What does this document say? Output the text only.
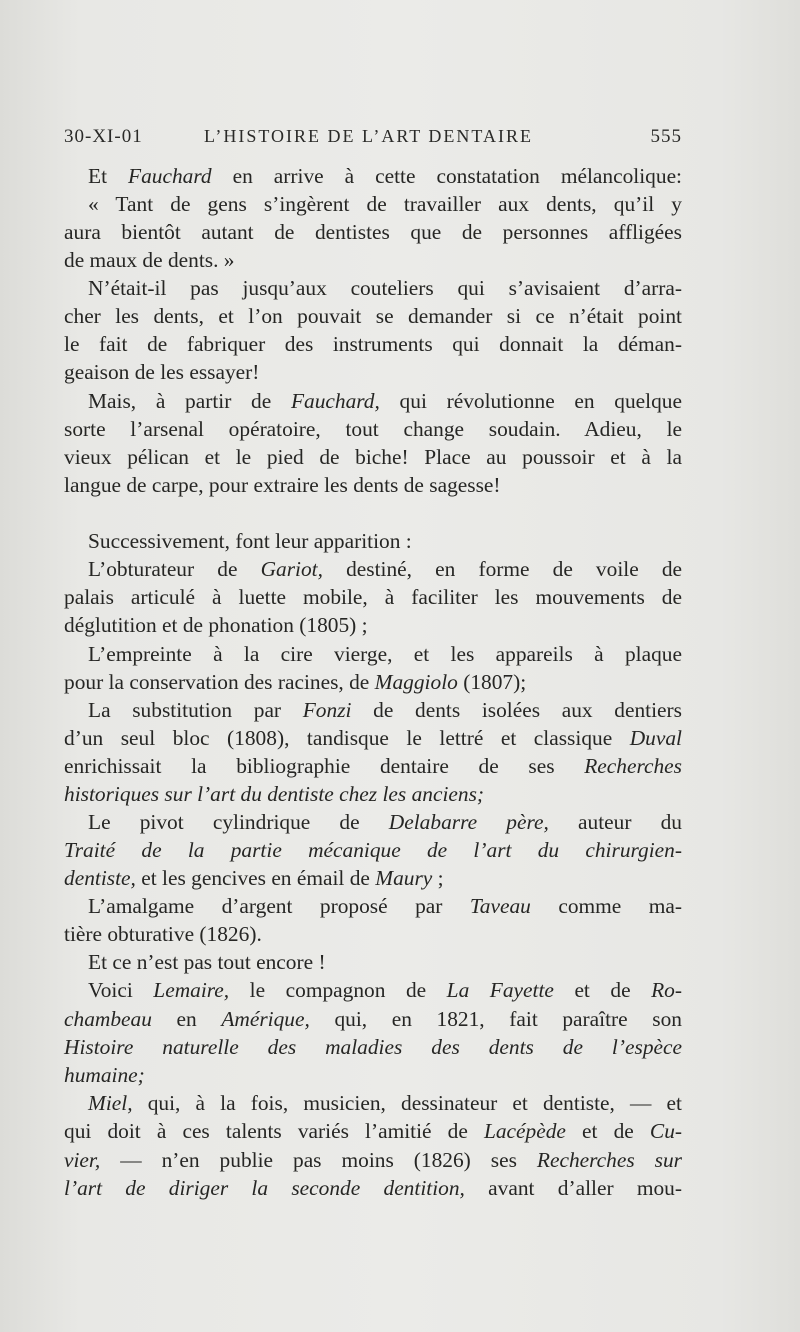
30-XI-01	L’HISTOIRE DE L’ART DENTAIRE	555
Et Fauchard en arrive à cette constatation mélancolique:
« Tant de gens s’ingèrent de travailler aux dents, qu’il y
aura bientôt autant de dentistes que de personnes affligées
de maux de dents. »
N’était-il pas jusqu’aux couteliers qui s’avisaient d’arra-
cher les dents, et l’on pouvait se demander si ce n’était point
le fait de fabriquer des instruments qui donnait la déman-
geaison de les essayer!
Mais, à partir de Fauchard, qui révolutionne en quelque
sorte l’arsenal opératoire, tout change soudain. Adieu, le
vieux pélican et le pied de biche! Place au poussoir et à la
langue de carpe, pour extraire les dents de sagesse!
Successivement, font leur apparition :
L’obturateur de Gariot, destiné, en forme de voile de
palais articulé à luette mobile, à faciliter les mouvements de
déglutition et de phonation (1805) ;
L’empreinte à la cire vierge, et les appareils à plaque
pour la conservation des racines, de Maggiolo (1807);
La substitution par Fonzi de dents isolées aux dentiers
d’un seul bloc (1808), tandisque le lettré et classique Duval
enrichissait la bibliographie dentaire de ses Recherches
historiques sur l’art du dentiste chez les anciens;
Le pivot cylindrique de Delabarre père, auteur du
Traité de la partie mécanique de l’art du chirurgien-
dentiste, et les gencives en émail de Maury ;
L’amalgame d’argent proposé par Taveau comme ma-
tière obturative (1826).
Et ce n’est pas tout encore !
Voici Lemaire, le compagnon de La Fayette et de Ro-
chambeau en Amérique, qui, en 1821, fait paraître son
Histoire naturelle des maladies des dents de l’espèce
humaine;
Miel, qui, à la fois, musicien, dessinateur et dentiste, — et
qui doit à ces talents variés l’amitié de Lacépède et de Cu-
vier, — n’en publie pas moins (1826) ses Recherches sur
l’art de diriger la seconde dentition, avant d’aller mou-
